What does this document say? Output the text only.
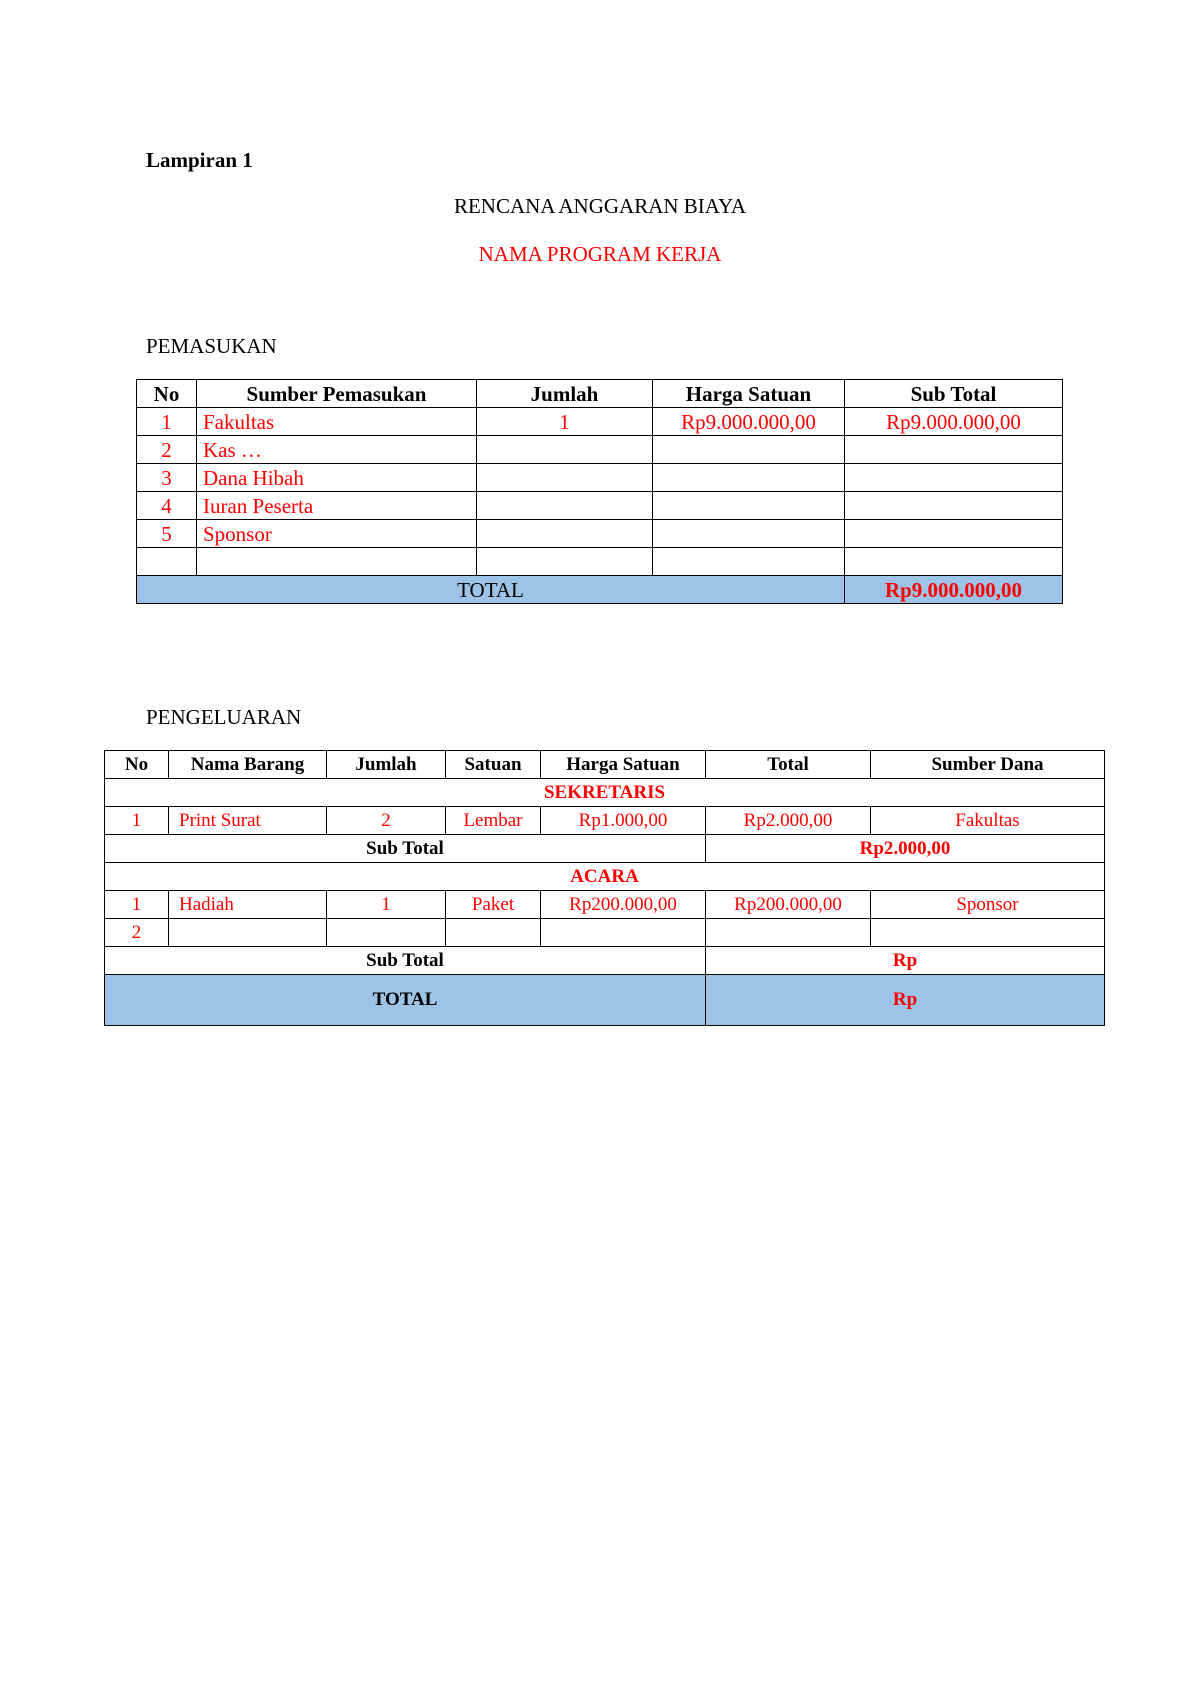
Lampiran 1
RENCANA ANGGARAN BIAYA
NAMA PROGRAM KERJA
PEMASUKAN
No	Sumber Pemasukan	Jumlah	Harga Satuan	Sub Total
1	Fakultas	1	Rp9.000.000,00	Rp9.000.000,00
2	Kas …			
3	Dana Hibah			
4	Iuran Peserta			
5	Sponsor			

TOTAL				Rp9.000.000,00
PENGELUARAN
No	Nama Barang	Jumlah	Satuan	Harga Satuan	Total	Sumber Dana
SEKRETARIS						
1	Print Surat	2	Lembar	Rp1.000,00	Rp2.000,00	Fakultas
Sub Total					Rp2.000,00	
ACARA						
1	Hadiah	1	Paket	Rp200.000,00	Rp200.000,00	Sponsor
2						
Sub Total					Rp	
TOTAL					Rp	
